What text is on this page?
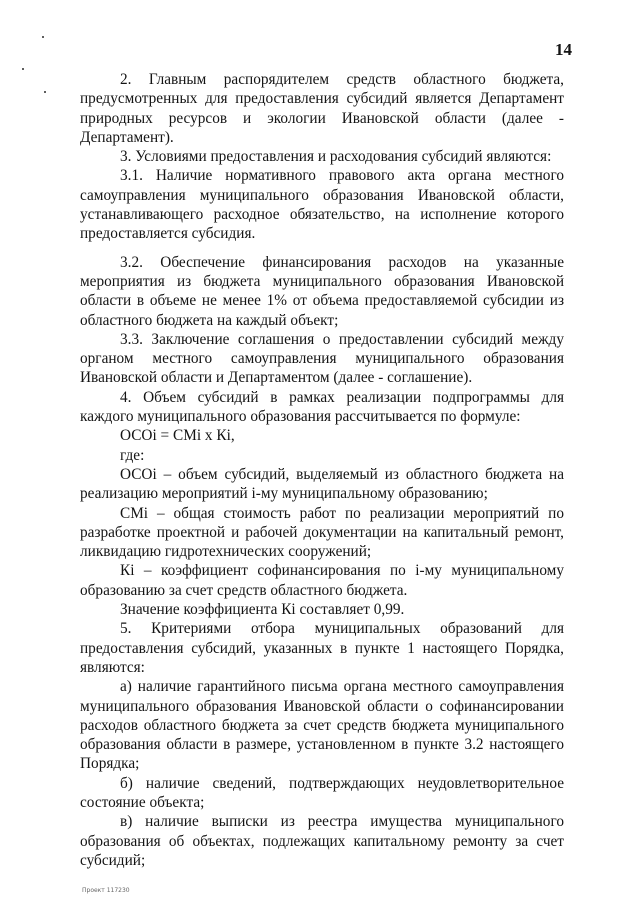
14

2. Главным распорядителем средств областного бюджета, предусмотренных для предоставления субсидий является Департамент природных ресурсов и экологии Ивановской области (далее - Департамент).

3. Условиями предоставления и расходования субсидий являются:

3.1. Наличие нормативного правового акта органа местного самоуправления муниципального образования Ивановской области, устанавливающего расходное обязательство, на исполнение которого предоставляется субсидия.

3.2. Обеспечение финансирования расходов на указанные мероприятия из бюджета муниципального образования Ивановской области в объеме не менее 1% от объема предоставляемой субсидии из областного бюджета на каждый объект;

3.3. Заключение соглашения о предоставлении субсидий между органом местного самоуправления муниципального образования Ивановской области и Департаментом (далее - соглашение).

4. Объем субсидий в рамках реализации подпрограммы для каждого муниципального образования рассчитывается по формуле:

ОСОi = СМi х Кi,

где:

ОСОi – объем субсидий, выделяемый из областного бюджета на реализацию мероприятий i-му муниципальному образованию;

СМi – общая стоимость работ по реализации мероприятий по разработке проектной и рабочей документации на капитальный ремонт, ликвидацию гидротехнических сооружений;

Кi – коэффициент софинансирования по i-му муниципальному образованию за счет средств областного бюджета.

Значение коэффициента Кi составляет 0,99.

5. Критериями отбора муниципальных образований для предоставления субсидий, указанных в пункте 1 настоящего Порядка, являются:

а) наличие гарантийного письма органа местного самоуправления муниципального образования Ивановской области о софинансировании расходов областного бюджета за счет средств бюджета муниципального образования области в размере, установленном в пункте 3.2 настоящего Порядка;

б) наличие сведений, подтверждающих неудовлетворительное состояние объекта;

в) наличие выписки из реестра имущества муниципального образования об объектах, подлежащих капитальному ремонту за счет субсидий;

Проект 117230
